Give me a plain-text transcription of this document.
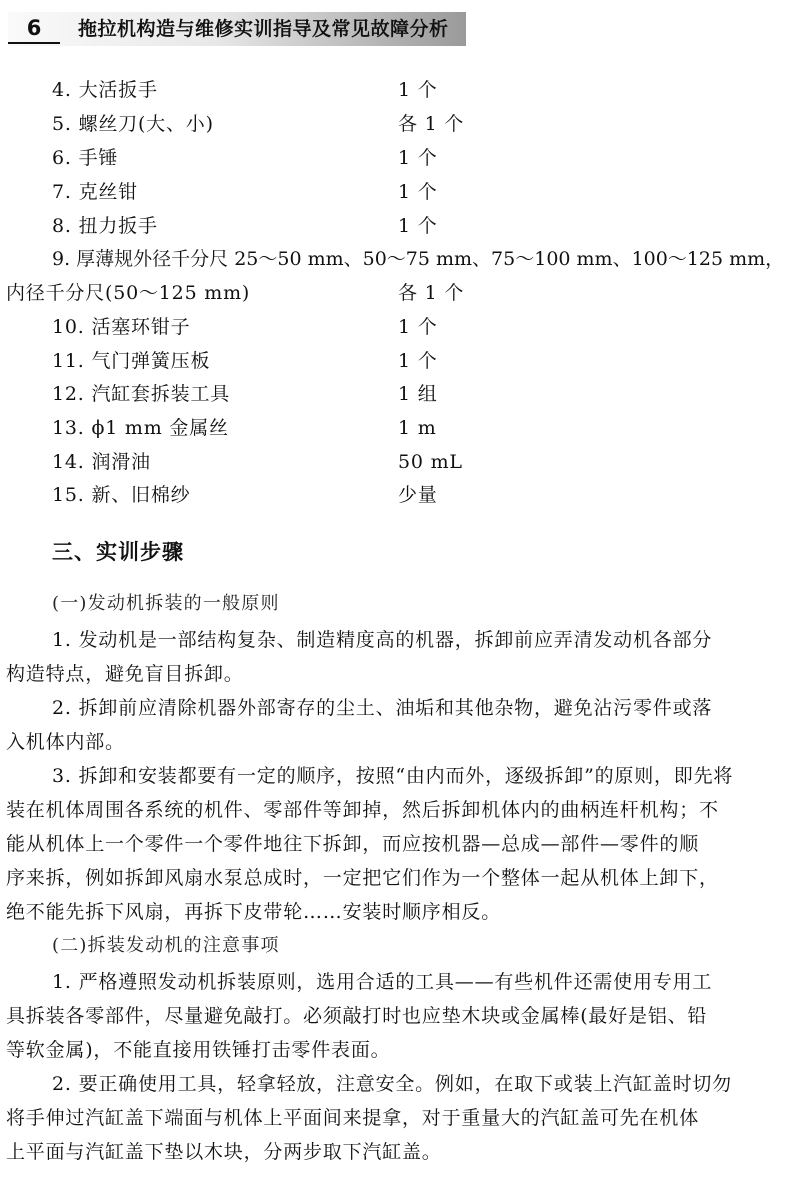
6	拖拉机构造与维修实训指导及常见故障分析
4. 大活扳手	1 个
5. 螺丝刀(大、小)	各 1 个
6. 手锤	1 个
7. 克丝钳	1 个
8. 扭力扳手	1 个
9. 厚薄规外径千分尺 25～50 mm、50～75 mm、75～100 mm、100～125 mm，
内径千分尺(50～125 mm)	各 1 个
10. 活塞环钳子	1 个
11. 气门弹簧压板	1 个
12. 汽缸套拆装工具	1 组
13. ϕ1 mm 金属丝	1 m
14. 润滑油	50 mL
15. 新、旧棉纱	少量
三、实训步骤
(一)发动机拆装的一般原则
1. 发动机是一部结构复杂、制造精度高的机器，拆卸前应弄清发动机各部分
构造特点，避免盲目拆卸。
2. 拆卸前应清除机器外部寄存的尘土、油垢和其他杂物，避免沾污零件或落
入机体内部。
3. 拆卸和安装都要有一定的顺序，按照“由内而外，逐级拆卸”的原则，即先将
装在机体周围各系统的机件、零部件等卸掉，然后拆卸机体内的曲柄连杆机构；不
能从机体上一个零件一个零件地往下拆卸，而应按机器—总成—部件—零件的顺
序来拆，例如拆卸风扇水泵总成时，一定把它们作为一个整体一起从机体上卸下，
绝不能先拆下风扇，再拆下皮带轮……安装时顺序相反。
(二)拆装发动机的注意事项
1. 严格遵照发动机拆装原则，选用合适的工具——有些机件还需使用专用工
具拆装各零部件，尽量避免敲打。必须敲打时也应垫木块或金属棒(最好是铝、铅
等软金属)，不能直接用铁锤打击零件表面。
2. 要正确使用工具，轻拿轻放，注意安全。例如，在取下或装上汽缸盖时切勿
将手伸过汽缸盖下端面与机体上平面间来提拿，对于重量大的汽缸盖可先在机体
上平面与汽缸盖下垫以木块，分两步取下汽缸盖。
